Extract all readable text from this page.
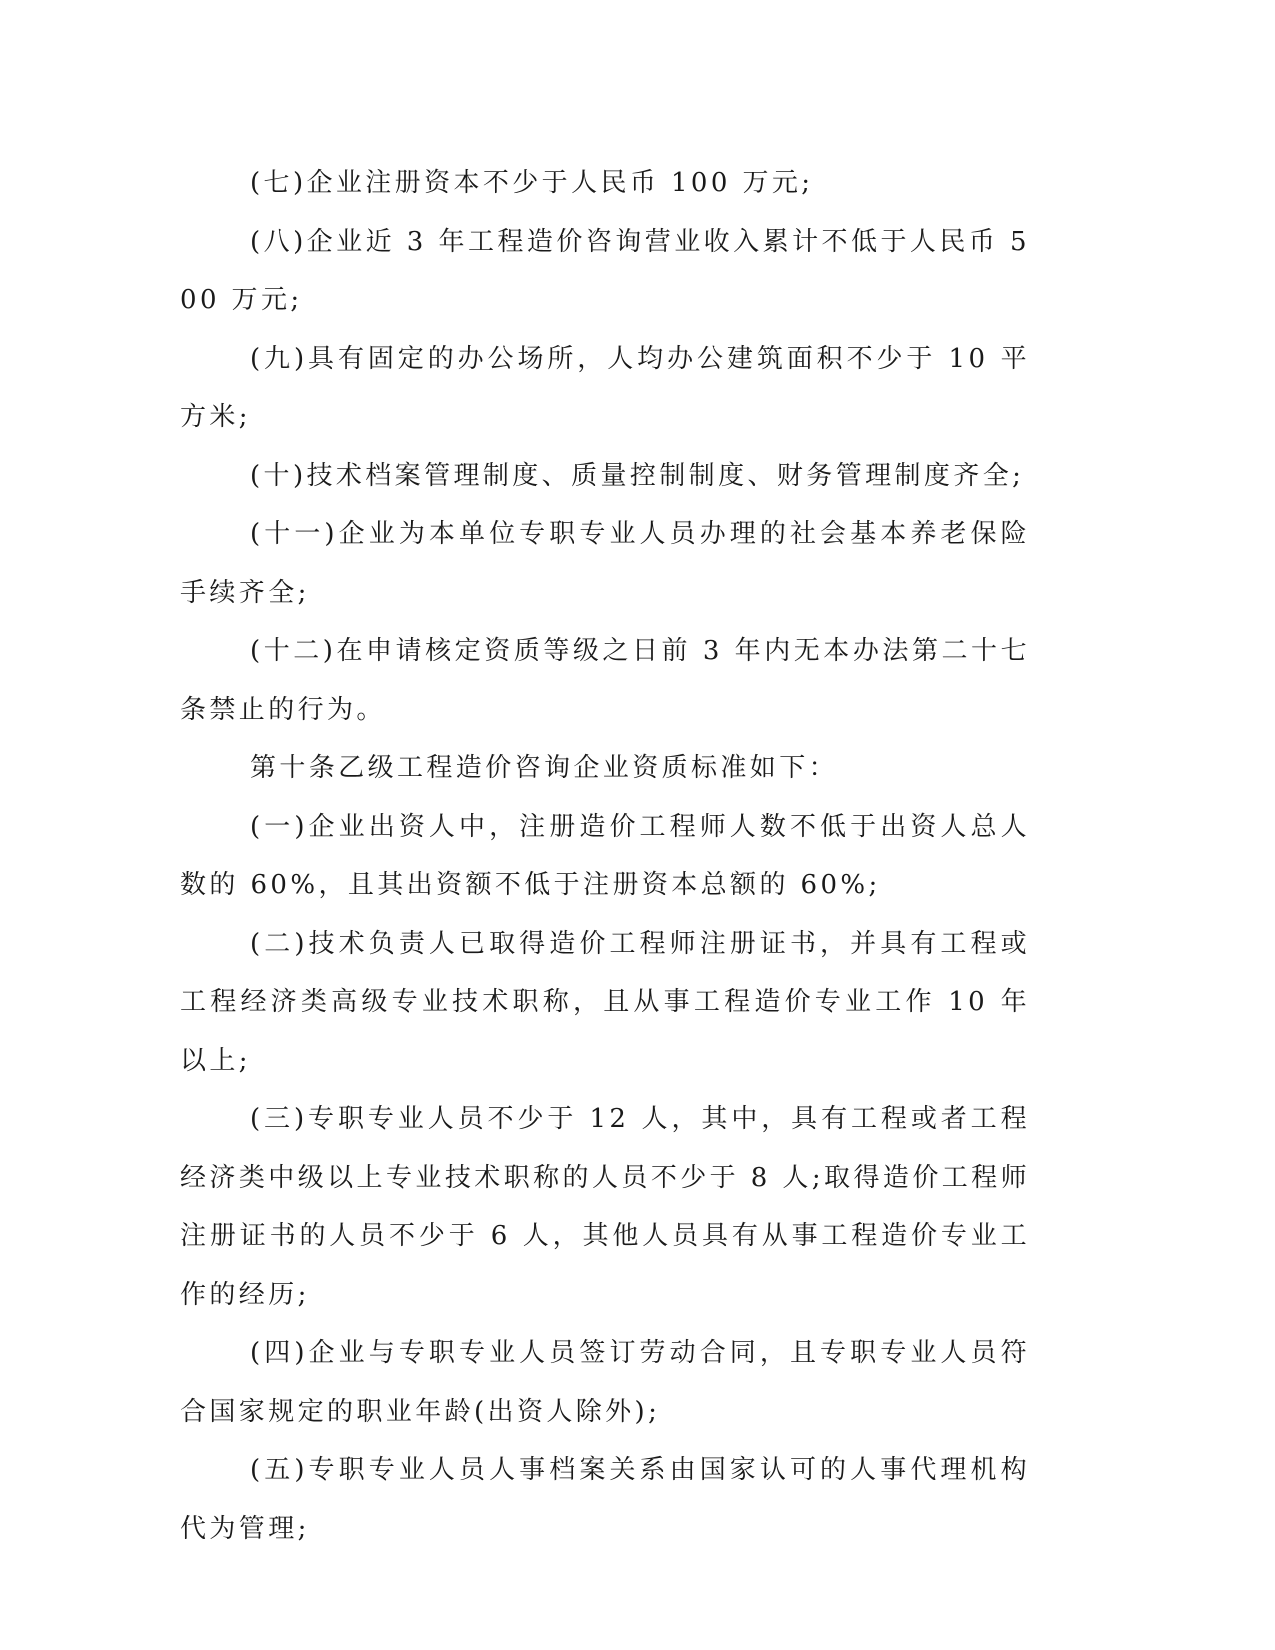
(七)企业注册资本不少于人民币 100 万元;

(八)企业近 3 年工程造价咨询营业收入累计不低于人民币 500 万元;

(九)具有固定的办公场所，人均办公建筑面积不少于 10 平方米;

(十)技术档案管理制度、质量控制制度、财务管理制度齐全;

(十一)企业为本单位专职专业人员办理的社会基本养老保险手续齐全;

(十二)在申请核定资质等级之日前 3 年内无本办法第二十七条禁止的行为。

第十条乙级工程造价咨询企业资质标准如下：

(一)企业出资人中，注册造价工程师人数不低于出资人总人数的 60%，且其出资额不低于注册资本总额的 60%;

(二)技术负责人已取得造价工程师注册证书，并具有工程或工程经济类高级专业技术职称，且从事工程造价专业工作 10 年以上;

(三)专职专业人员不少于 12 人，其中，具有工程或者工程经济类中级以上专业技术职称的人员不少于 8 人;取得造价工程师注册证书的人员不少于 6 人，其他人员具有从事工程造价专业工作的经历;

(四)企业与专职专业人员签订劳动合同，且专职专业人员符合国家规定的职业年龄(出资人除外);

(五)专职专业人员人事档案关系由国家认可的人事代理机构代为管理;
